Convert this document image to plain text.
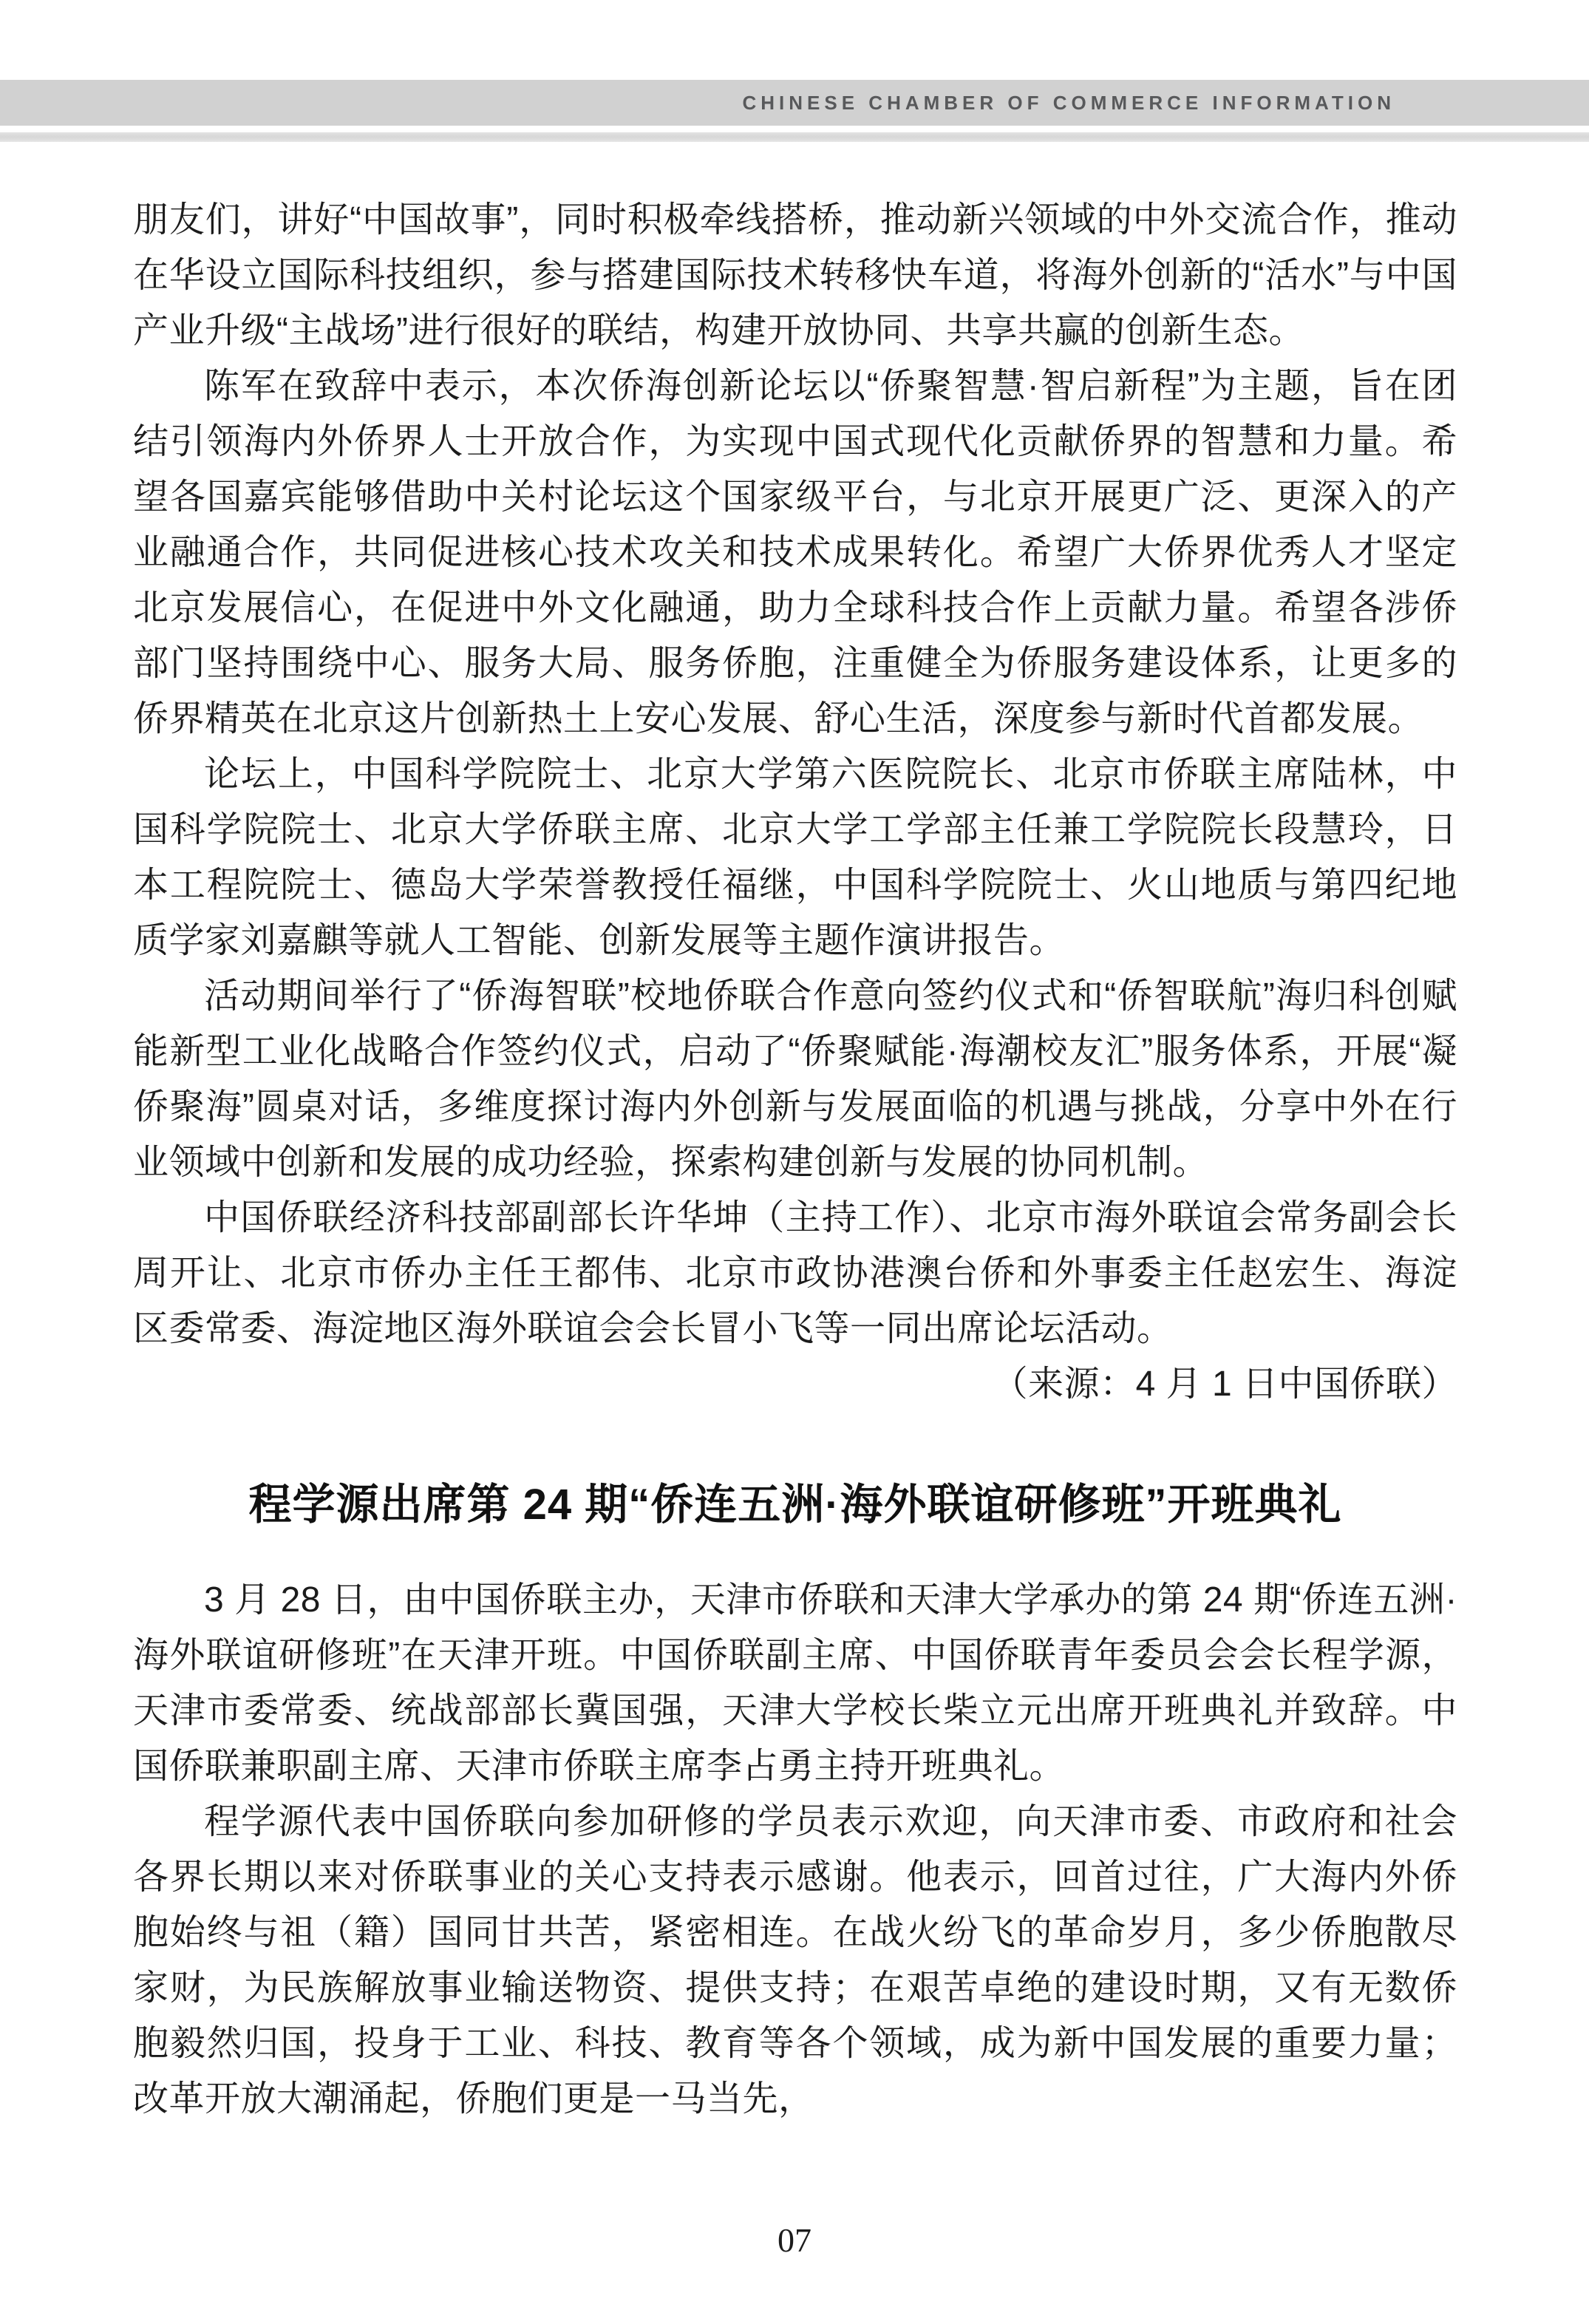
CHINESE CHAMBER OF COMMERCE INFORMATION

朋友们，讲好“中国故事”，同时积极牵线搭桥，推动新兴领域的中外交流合作，推动在华设立国际科技组织，参与搭建国际技术转移快车道，将海外创新的“活水”与中国产业升级“主战场”进行很好的联结，构建开放协同、共享共赢的创新生态。

陈军在致辞中表示，本次侨海创新论坛以“侨聚智慧·智启新程”为主题，旨在团结引领海内外侨界人士开放合作，为实现中国式现代化贡献侨界的智慧和力量。希望各国嘉宾能够借助中关村论坛这个国家级平台，与北京开展更广泛、更深入的产业融通合作，共同促进核心技术攻关和技术成果转化。希望广大侨界优秀人才坚定北京发展信心，在促进中外文化融通，助力全球科技合作上贡献力量。希望各涉侨部门坚持围绕中心、服务大局、服务侨胞，注重健全为侨服务建设体系，让更多的侨界精英在北京这片创新热土上安心发展、舒心生活，深度参与新时代首都发展。

论坛上，中国科学院院士、北京大学第六医院院长、北京市侨联主席陆林，中国科学院院士、北京大学侨联主席、北京大学工学部主任兼工学院院长段慧玲，日本工程院院士、德岛大学荣誉教授任福继，中国科学院院士、火山地质与第四纪地质学家刘嘉麒等就人工智能、创新发展等主题作演讲报告。

活动期间举行了“侨海智联”校地侨联合作意向签约仪式和“侨智联航”海归科创赋能新型工业化战略合作签约仪式，启动了“侨聚赋能·海潮校友汇”服务体系，开展“凝侨聚海”圆桌对话，多维度探讨海内外创新与发展面临的机遇与挑战，分享中外在行业领域中创新和发展的成功经验，探索构建创新与发展的协同机制。

中国侨联经济科技部副部长许华坤（主持工作）、北京市海外联谊会常务副会长周开让、北京市侨办主任王都伟、北京市政协港澳台侨和外事委主任赵宏生、海淀区委常委、海淀地区海外联谊会会长冒小飞等一同出席论坛活动。
（来源：4 月 1 日中国侨联）

程学源出席第 24 期“侨连五洲·海外联谊研修班”开班典礼

3 月 28 日，由中国侨联主办，天津市侨联和天津大学承办的第 24 期“侨连五洲·海外联谊研修班”在天津开班。中国侨联副主席、中国侨联青年委员会会长程学源，天津市委常委、统战部部长冀国强，天津大学校长柴立元出席开班典礼并致辞。中国侨联兼职副主席、天津市侨联主席李占勇主持开班典礼。

程学源代表中国侨联向参加研修的学员表示欢迎，向天津市委、市政府和社会各界长期以来对侨联事业的关心支持表示感谢。他表示，回首过往，广大海内外侨胞始终与祖（籍）国同甘共苦，紧密相连。在战火纷飞的革命岁月，多少侨胞散尽家财，为民族解放事业输送物资、提供支持；在艰苦卓绝的建设时期，又有无数侨胞毅然归国，投身于工业、科技、教育等各个领域，成为新中国发展的重要力量；改革开放大潮涌起，侨胞们更是一马当先，

07
